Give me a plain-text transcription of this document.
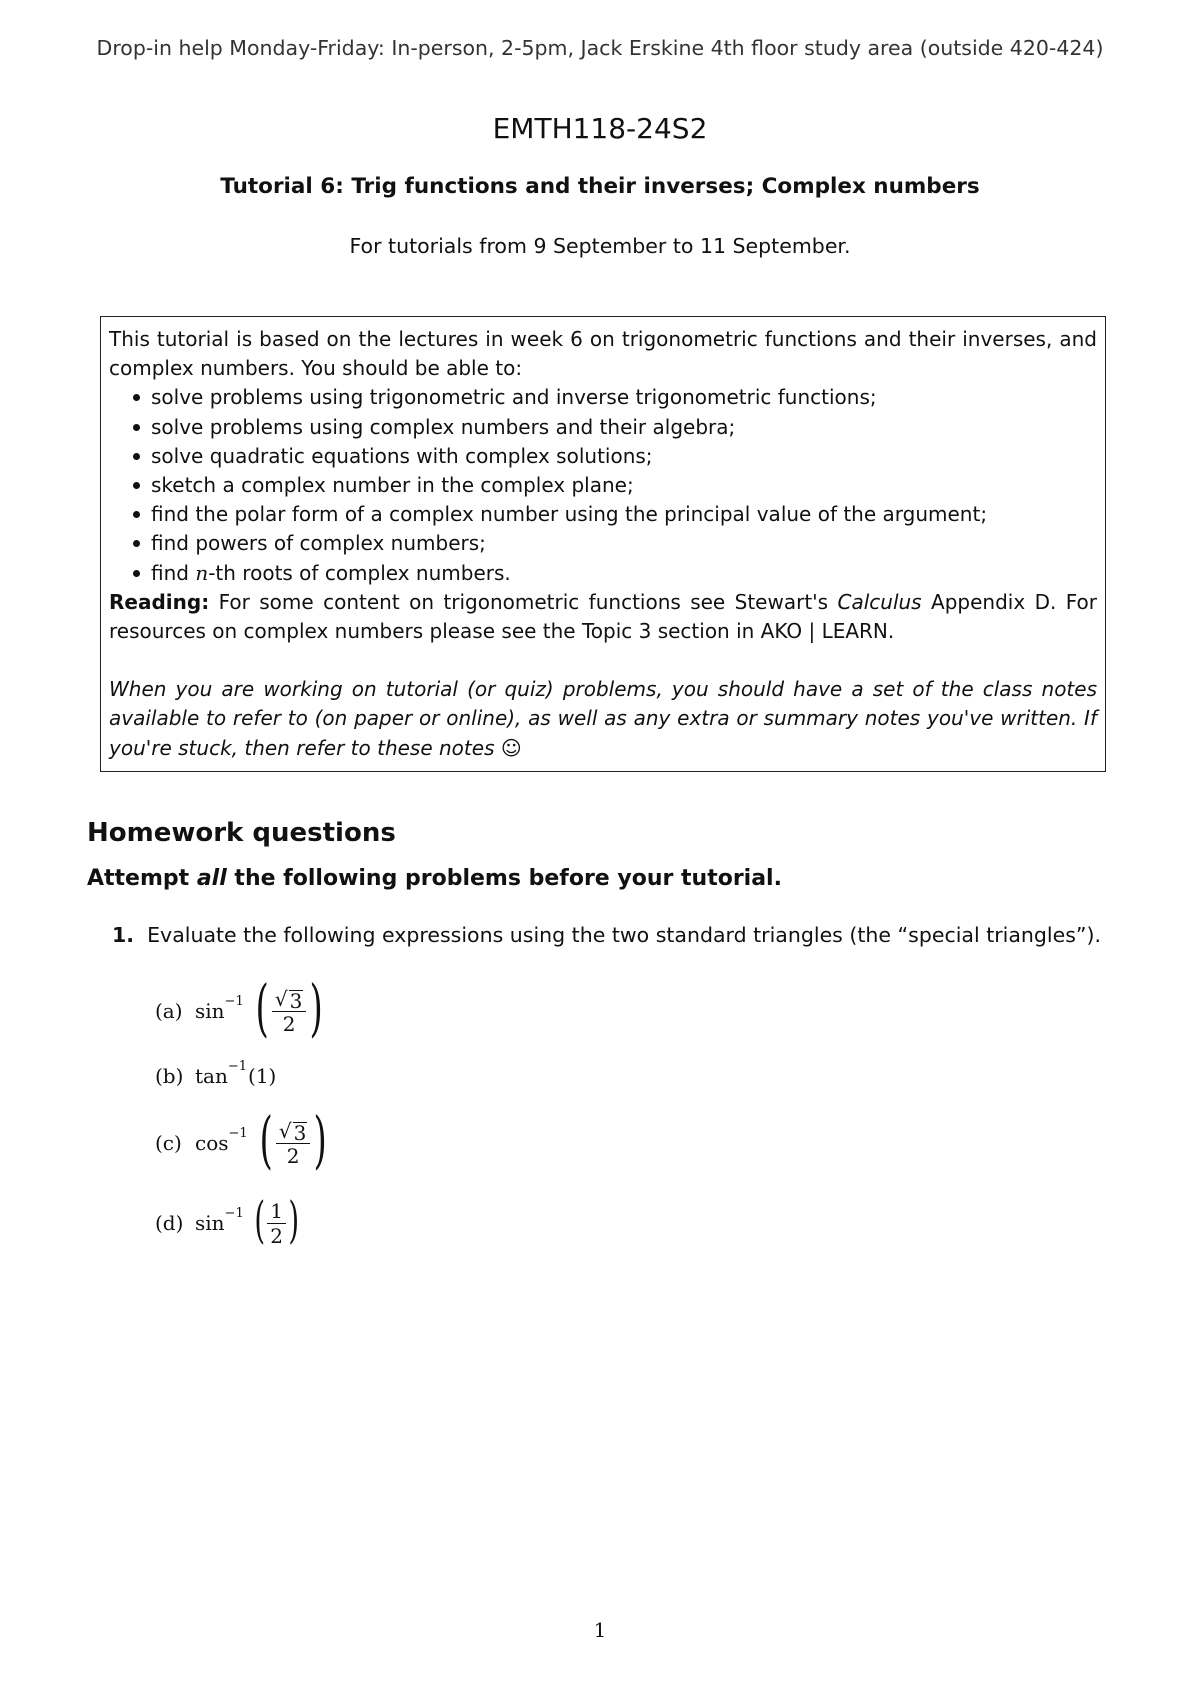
Drop-in help Monday-Friday: In-person, 2-5pm, Jack Erskine 4th floor study area (outside 420-424)
EMTH118-24S2
Tutorial 6: Trig functions and their inverses; Complex numbers
For tutorials from 9 September to 11 September.

This tutorial is based on the lectures in week 6 on trigonometric functions and their inverses, and complex numbers. You should be able to:

solve problems using trigonometric and inverse trigonometric functions;
solve problems using complex numbers and their algebra;
solve quadratic equations with complex solutions;
sketch a complex number in the complex plane;
find the polar form of a complex number using the principal value of the argument;
find powers of complex numbers;
find n-th roots of complex numbers.

Reading: For some content on trigonometric functions see Stewart's Calculus Appendix D. For resources on complex numbers please see the Topic 3 section in AKO | LEARN.

When you are working on tutorial (or quiz) problems, you should have a set of the class notes available to refer to (on paper or online), as well as any extra or summary notes you've written. If you're stuck, then refer to these notes ☺

Homework questions
Attempt all the following problems before your tutorial.
1. Evaluate the following expressions using the two standard triangles (the “special triangles”).
(a) sin −1 ( $\frac{√ 3}{2}$ )
(b) tan −1 (1)
(c) cos −1 ( $\frac{√ 3}{2}$ )
(d) sin −1 ( $\frac{1}{2}$ )
1
